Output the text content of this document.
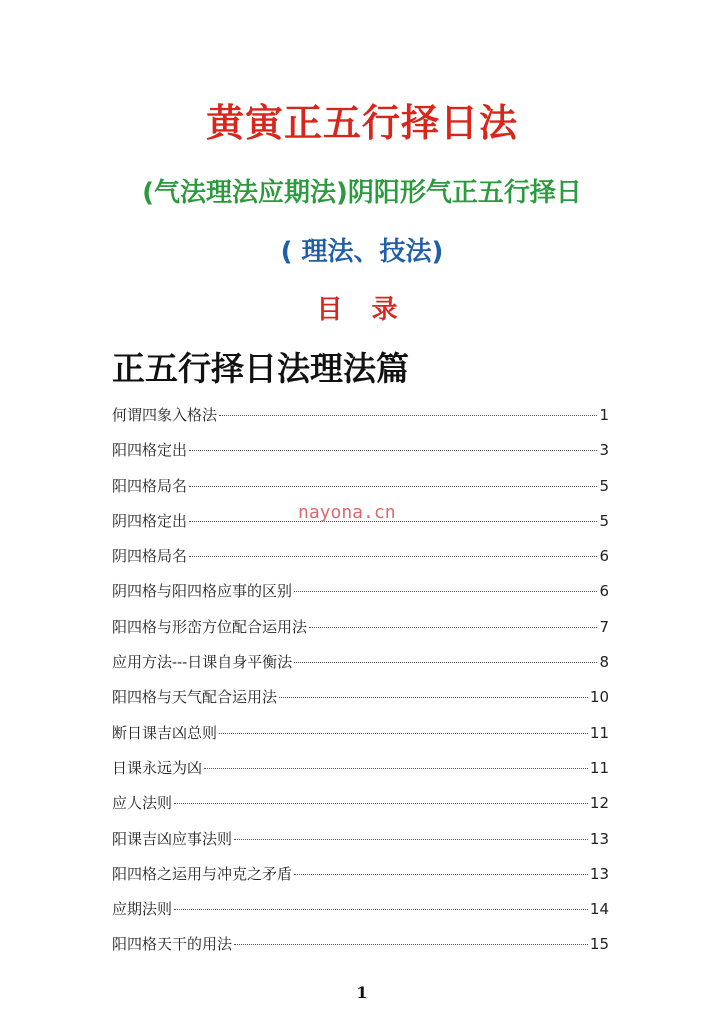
黄寅正五行择日法
(气法理法应期法)阴阳形气正五行择日
( 理法、技法)
目 录
正五行择日法理法篇
何谓四象入格法	1
阳四格定出	3
阳四格局名	5
阴四格定出	5
阴四格局名	6
阴四格与阳四格应事的区别	6
阳四格与形峦方位配合运用法	7
应用方法---日课自身平衡法	8
阳四格与天气配合运用法	10
断日课吉凶总则	11
日课永远为凶	11
应人法则	12
阳课吉凶应事法则	13
阳四格之运用与冲克之矛盾	13
应期法则	14
阳四格天干的用法	15
nayona.cn
1
